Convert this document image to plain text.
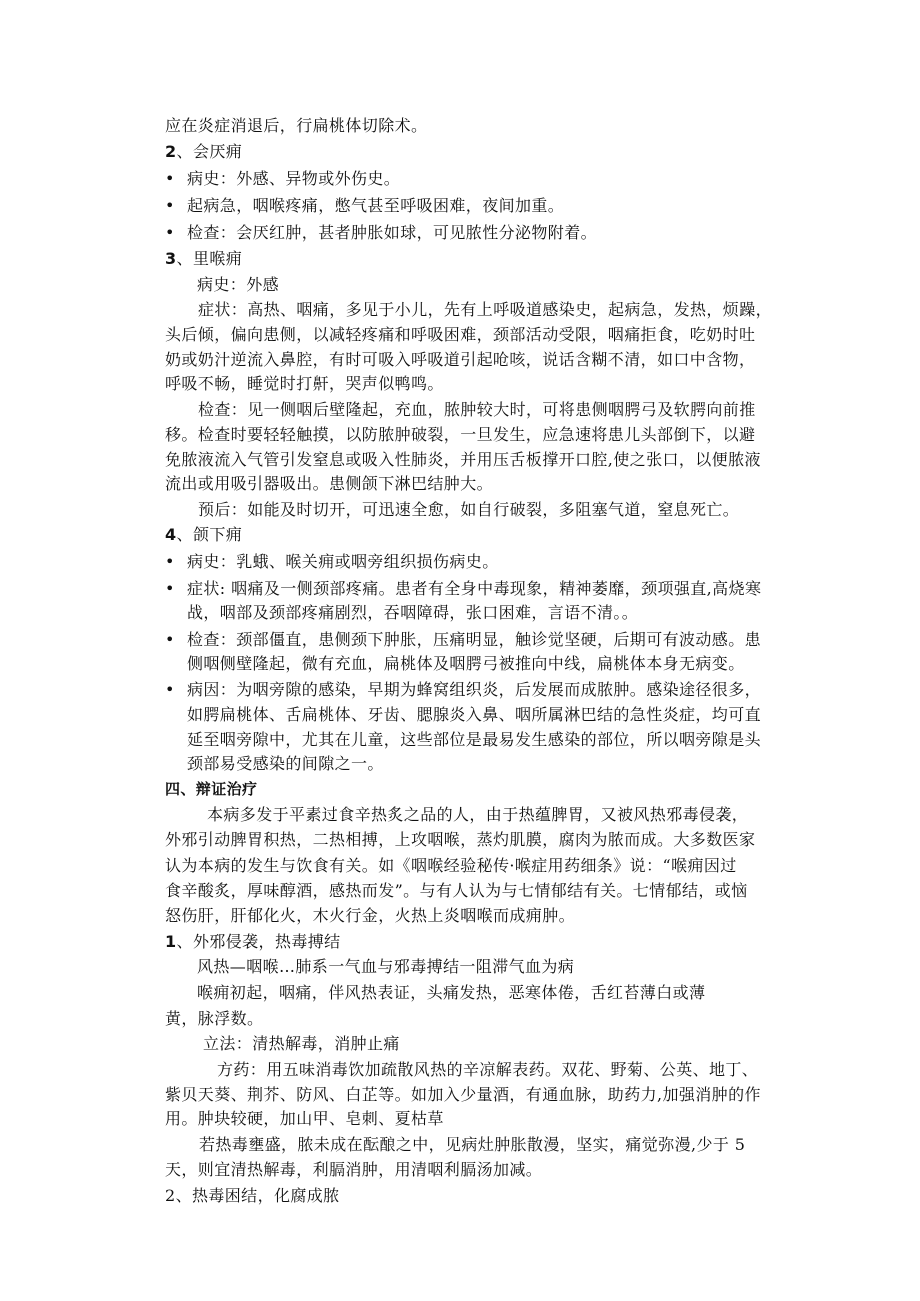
应在炎症消退后，行扁桃体切除术。
2、会厌痈
• 病史：外感、异物或外伤史。
• 起病急，咽喉疼痛，憋气甚至呼吸困难，夜间加重。
• 检查：会厌红肿，甚者肿胀如球，可见脓性分泌物附着。
3、里喉痈
病史：外感
症状：高热、咽痛，多见于小儿，先有上呼吸道感染史，起病急，发热，烦躁，
头后倾，偏向患侧，以减轻疼痛和呼吸困难，颈部活动受限，咽痛拒食，吃奶时吐
奶或奶汁逆流入鼻腔，有时可吸入呼吸道引起呛咳，说话含糊不清，如口中含物，
呼吸不畅，睡觉时打鼾，哭声似鸭鸣。
检查：见一侧咽后壁隆起，充血，脓肿较大时，可将患侧咽腭弓及软腭向前推
移。检查时要轻轻触摸，以防脓肿破裂，一旦发生，应急速将患儿头部倒下，以避
免脓液流入气管引发窒息或吸入性肺炎，并用压舌板撑开口腔,使之张口，以便脓液
流出或用吸引器吸出。患侧颌下淋巴结肿大。
预后：如能及时切开，可迅速全愈，如自行破裂，多阻塞气道，窒息死亡。
4、颌下痈
• 病史：乳蛾、喉关痈或咽旁组织损伤病史。
• 症状: 咽痛及一侧颈部疼痛。患者有全身中毒现象，精神萎靡，颈项强直,高烧寒
战，咽部及颈部疼痛剧烈，吞咽障碍，张口困难，言语不清。。
• 检查：颈部僵直，患侧颈下肿胀，压痛明显，触诊觉坚硬，后期可有波动感。患
侧咽侧壁隆起，微有充血，扁桃体及咽腭弓被推向中线，扁桃体本身无病变。
• 病因：为咽旁隙的感染，早期为蜂窝组织炎，后发展而成脓肿。感染途径很多，
如腭扁桃体、舌扁桃体、牙齿、腮腺炎入鼻、咽所属淋巴结的急性炎症，均可直
延至咽旁隙中，尤其在儿童，这些部位是最易发生感染的部位，所以咽旁隙是头
颈部易受感染的间隙之一。
四、辩证治疗
本病多发于平素过食辛热炙之品的人，由于热蕴脾胃，又被风热邪毒侵袭，
外邪引动脾胃积热，二热相搏，上攻咽喉，蒸灼肌膜，腐肉为脓而成。大多数医家
认为本病的发生与饮食有关。如《咽喉经验秘传·喉症用药细条》说：“喉痈因过
食辛酸炙，厚味醇酒，感热而发”。与有人认为与七情郁结有关。七情郁结，或恼
怒伤肝，肝郁化火，木火行金，火热上炎咽喉而成痈肿。
1、外邪侵袭，热毒搏结
风热—咽喉…肺系一气血与邪毒搏结一阻滞气血为病
喉痈初起，咽痛，伴风热表证，头痛发热，恶寒体倦，舌红苔薄白或薄
黄，脉浮数。
立法：清热解毒，消肿止痛
方药：用五味消毒饮加疏散风热的辛凉解表药。双花、野菊、公英、地丁、
紫贝天葵、荆芥、防风、白芷等。如加入少量酒，有通血脉，助药力,加强消肿的作
用。肿块较硬，加山甲、皂刺、夏枯草
若热毒壅盛，脓未成在酝酿之中，见病灶肿胀散漫，坚实，痛觉弥漫,少于 5
天，则宜清热解毒，利膈消肿，用清咽利膈汤加减。
2、热毒困结，化腐成脓
